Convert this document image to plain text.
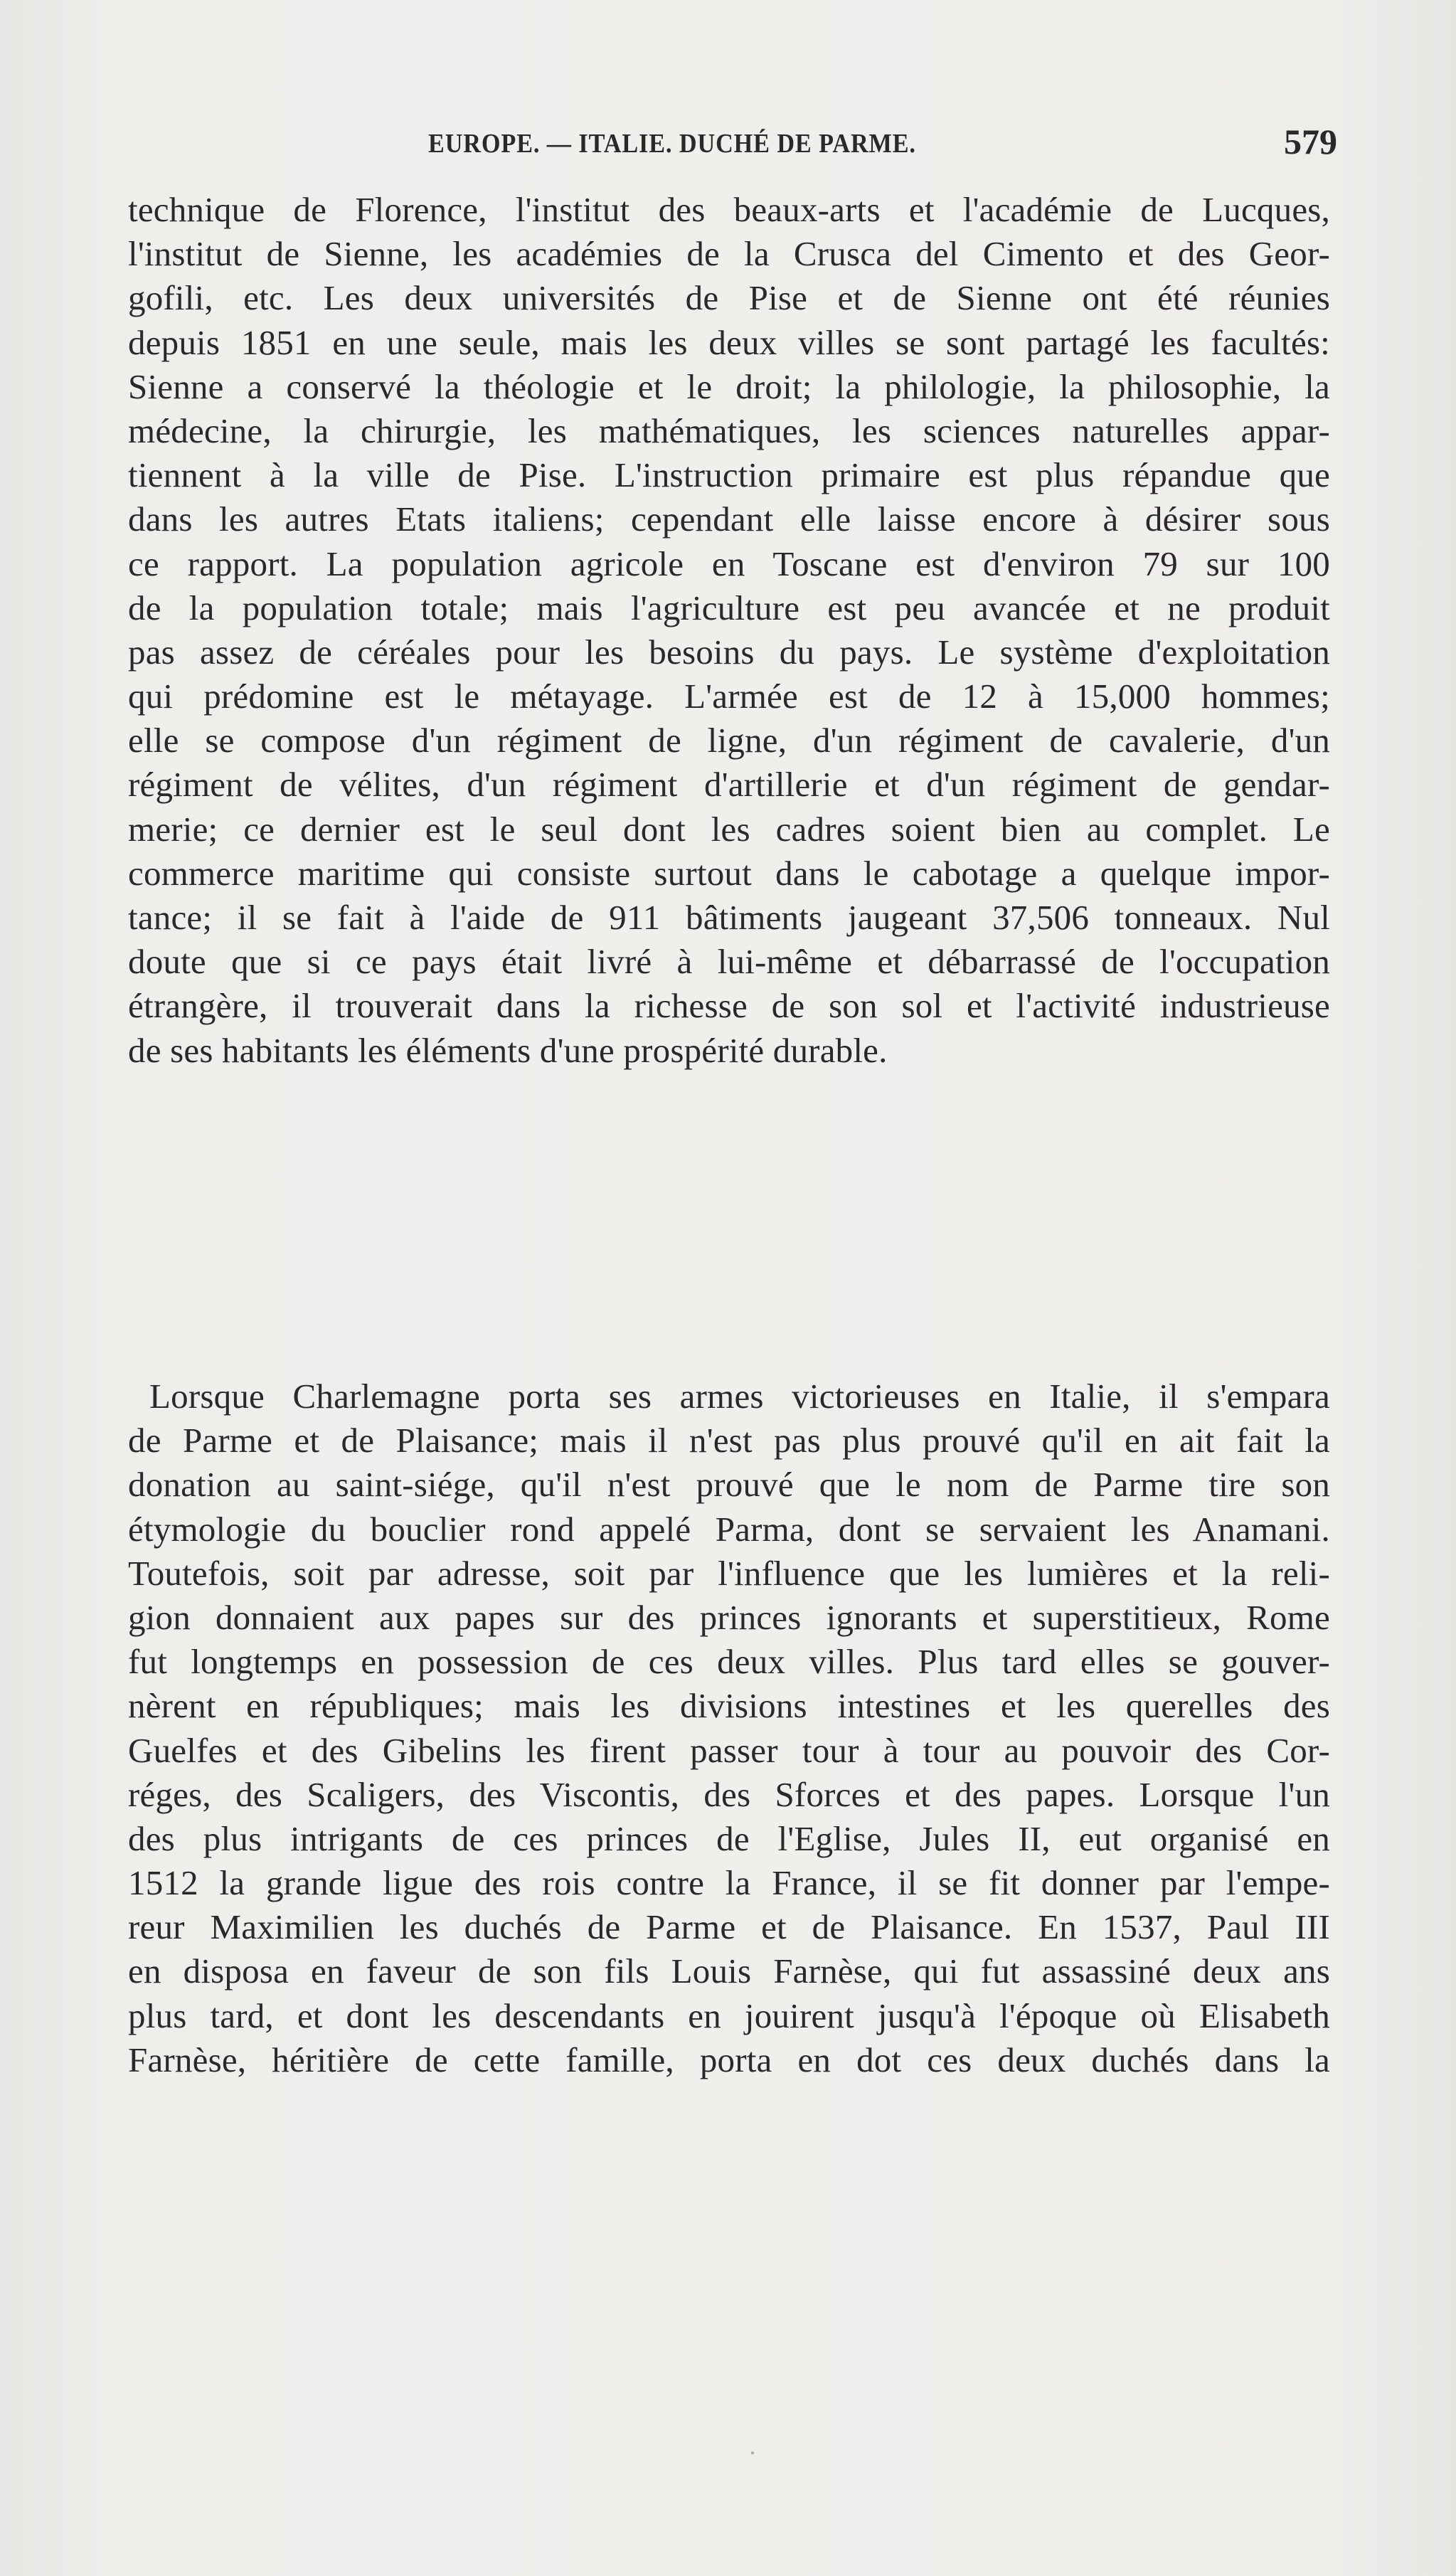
EUROPE. — ITALIE. DUCHÉ DE PARME.	579
technique de Florence, l'institut des beaux-arts et l'académie de Lucques,
l'institut de Sienne, les académies de la Crusca del Cimento et des Geor-
gofili, etc. Les deux universités de Pise et de Sienne ont été réunies
depuis 1851 en une seule, mais les deux villes se sont partagé les facultés:
Sienne a conservé la théologie et le droit; la philologie, la philosophie, la
médecine, la chirurgie, les mathématiques, les sciences naturelles appar-
tiennent à la ville de Pise. L'instruction primaire est plus répandue que
dans les autres Etats italiens; cependant elle laisse encore à désirer sous
ce rapport. La population agricole en Toscane est d'environ 79 sur 100
de la population totale; mais l'agriculture est peu avancée et ne produit
pas assez de céréales pour les besoins du pays. Le système d'exploitation
qui prédomine est le métayage. L'armée est de 12 à 15,000 hommes;
elle se compose d'un régiment de ligne, d'un régiment de cavalerie, d'un
régiment de vélites, d'un régiment d'artillerie et d'un régiment de gendar-
merie; ce dernier est le seul dont les cadres soient bien au complet. Le
commerce maritime qui consiste surtout dans le cabotage a quelque impor-
tance; il se fait à l'aide de 911 bâtiments jaugeant 37,506 tonneaux. Nul
doute que si ce pays était livré à lui-même et débarrassé de l'occupation
étrangère, il trouverait dans la richesse de son sol et l'activité industrieuse
de ses habitants les éléments d'une prospérité durable.
Lorsque Charlemagne porta ses armes victorieuses en Italie, il s'empara
de Parme et de Plaisance; mais il n'est pas plus prouvé qu'il en ait fait la
donation au saint-siége, qu'il n'est prouvé que le nom de Parme tire son
étymologie du bouclier rond appelé Parma, dont se servaient les Anamani.
Toutefois, soit par adresse, soit par l'influence que les lumières et la reli-
gion donnaient aux papes sur des princes ignorants et superstitieux, Rome
fut longtemps en possession de ces deux villes. Plus tard elles se gouver-
nèrent en républiques; mais les divisions intestines et les querelles des
Guelfes et des Gibelins les firent passer tour à tour au pouvoir des Cor-
réges, des Scaligers, des Viscontis, des Sforces et des papes. Lorsque l'un
des plus intrigants de ces princes de l'Eglise, Jules II, eut organisé en
1512 la grande ligue des rois contre la France, il se fit donner par l'empe-
reur Maximilien les duchés de Parme et de Plaisance. En 1537, Paul III
en disposa en faveur de son fils Louis Farnèse, qui fut assassiné deux ans
plus tard, et dont les descendants en jouirent jusqu'à l'époque où Elisabeth
Farnèse, héritière de cette famille, porta en dot ces deux duchés dans la
